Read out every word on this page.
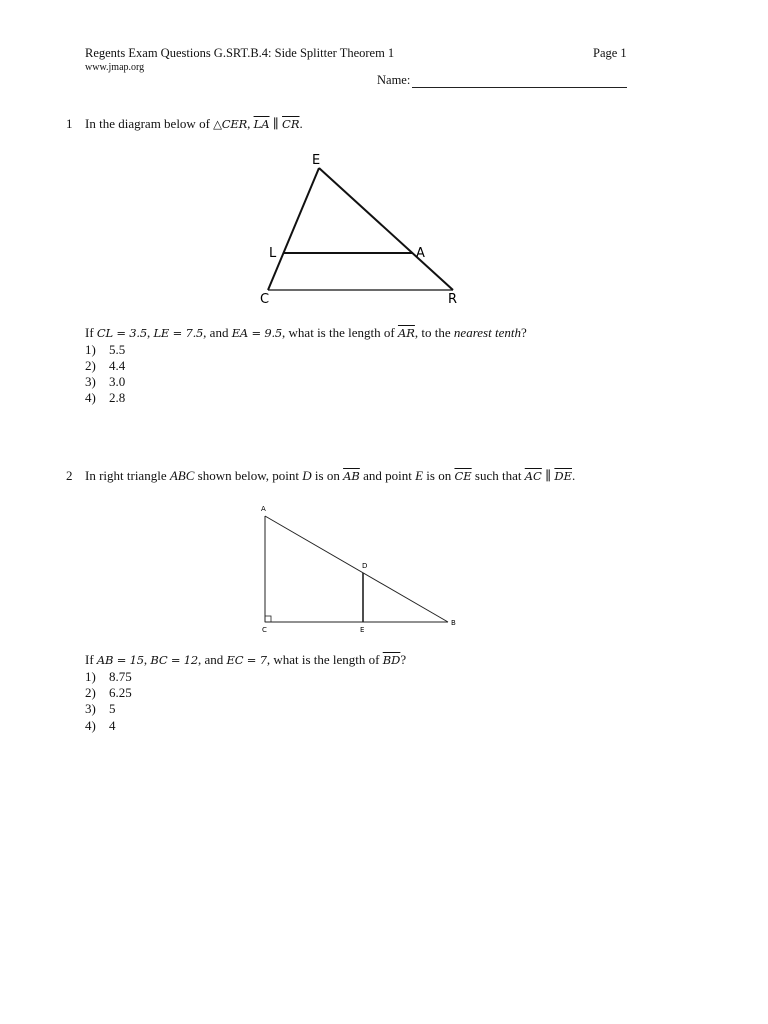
Regents Exam Questions G.SRT.B.4: Side Splitter Theorem 1
www.jmap.org
Page 1
Name:
1 In the diagram below of △CER, $\overline{LA}$ ∥ $\overline{CR}$.
E
L	A
C	R
If CL = 3.5, LE = 7.5, and EA = 9.5, what is the length of $\overline{AR}$, to the nearest tenth?
1) 5.5
2) 4.4
3) 3.0
4) 2.8
2 In right triangle ABC shown below, point D is on $\overline{AB}$ and point E is on $\overline{CE}$ such that $\overline{AC}$ ∥ $\overline{DE}$.
A
B
C
D
E
If AB = 15, BC = 12, and EC = 7, what is the length of $\overline{BD}$?
1) 8.75
2) 6.25
3) 5
4) 4
